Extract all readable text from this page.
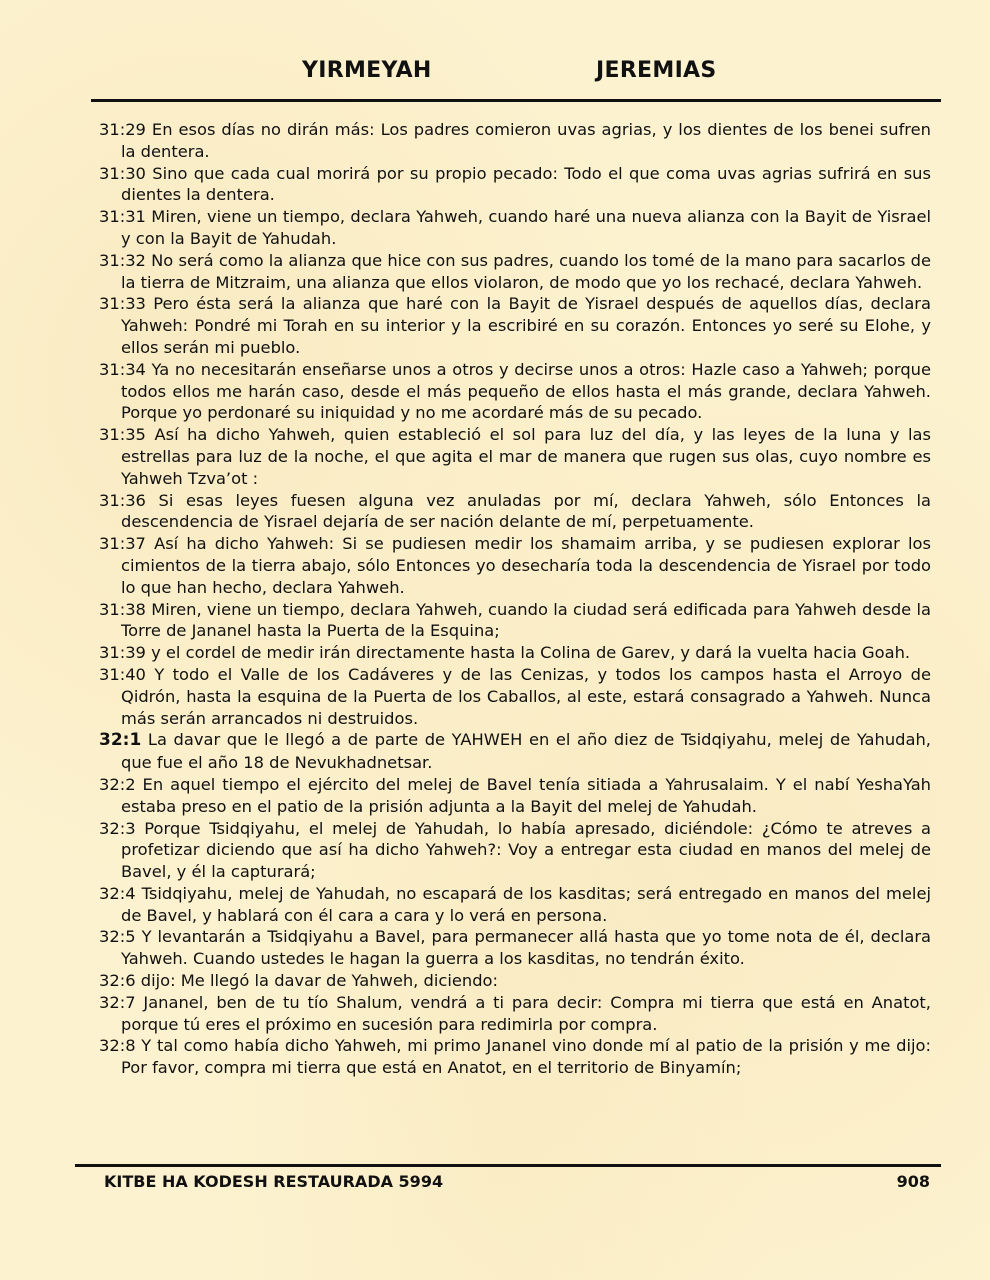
YIRMEYAH	JEREMIAS

31:29 En esos días no dirán más: Los padres comieron uvas agrias, y los dientes de los benei sufren la dentera.

31:30 Sino que cada cual morirá por su propio pecado: Todo el que coma uvas agrias sufrirá en sus dientes la dentera.

31:31 Miren, viene un tiempo, declara Yahweh, cuando haré una nueva alianza con la Bayit de Yisrael y con la Bayit de Yahudah.

31:32 No será como la alianza que hice con sus padres, cuando los tomé de la mano para sacarlos de la tierra de Mitzraim, una alianza que ellos violaron, de modo que yo los rechacé, declara Yahweh.

31:33 Pero ésta será la alianza que haré con la Bayit de Yisrael después de aquellos días, declara Yahweh: Pondré mi Torah en su interior y la escribiré en su corazón. Entonces yo seré su Elohe, y ellos serán mi pueblo.

31:34 Ya no necesitarán enseñarse unos a otros y decirse unos a otros: Hazle caso a Yahweh; porque todos ellos me harán caso, desde el más pequeño de ellos hasta el más grande, declara Yahweh. Porque yo perdonaré su iniquidad y no me acordaré más de su pecado.

31:35 Así ha dicho Yahweh, quien estableció el sol para luz del día, y las leyes de la luna y las estrellas para luz de la noche, el que agita el mar de manera que rugen sus olas, cuyo nombre es Yahweh Tzva’ot :

31:36 Si esas leyes fuesen alguna vez anuladas por mí, declara Yahweh, sólo Entonces la descendencia de Yisrael dejaría de ser nación delante de mí, perpetuamente.

31:37 Así ha dicho Yahweh: Si se pudiesen medir los shamaim arriba, y se pudiesen explorar los cimientos de la tierra abajo, sólo Entonces yo desecharía toda la descendencia de Yisrael por todo lo que han hecho, declara Yahweh.

31:38 Miren, viene un tiempo, declara Yahweh, cuando la ciudad será edificada para Yahweh desde la Torre de Jananel hasta la Puerta de la Esquina;

31:39 y el cordel de medir irán directamente hasta la Colina de Garev, y dará la vuelta hacia Goah.

31:40 Y todo el Valle de los Cadáveres y de las Cenizas, y todos los campos hasta el Arroyo de Qidrón, hasta la esquina de la Puerta de los Caballos, al este, estará consagrado a Yahweh. Nunca más serán arrancados ni destruidos.

32:1 La davar que le llegó a de parte de YAHWEH en el año diez de Tsidqiyahu, melej de Yahudah, que fue el año 18 de Nevukhadnetsar.

32:2 En aquel tiempo el ejército del melej de Bavel tenía sitiada a Yahrusalaim. Y el nabí YeshaYah estaba preso en el patio de la prisión adjunta a la Bayit del melej de Yahudah.

32:3 Porque Tsidqiyahu, el melej de Yahudah, lo había apresado, diciéndole: ¿Cómo te atreves a profetizar diciendo que así ha dicho Yahweh?: Voy a entregar esta ciudad en manos del melej de Bavel, y él la capturará;

32:4 Tsidqiyahu, melej de Yahudah, no escapará de los kasditas; será entregado en manos del melej de Bavel, y hablará con él cara a cara y lo verá en persona.

32:5 Y levantarán a Tsidqiyahu a Bavel, para permanecer allá hasta que yo tome nota de él, declara Yahweh. Cuando ustedes le hagan la guerra a los kasditas, no tendrán éxito.

32:6 dijo: Me llegó la davar de Yahweh, diciendo:

32:7 Jananel, ben de tu tío Shalum, vendrá a ti para decir: Compra mi tierra que está en Anatot, porque tú eres el próximo en sucesión para redimirla por compra.

32:8 Y tal como había dicho Yahweh, mi primo Jananel vino donde mí al patio de la prisión y me dijo: Por favor, compra mi tierra que está en Anatot, en el territorio de Binyamín;

KITBE HA KODESH RESTAURADA 5994	908
